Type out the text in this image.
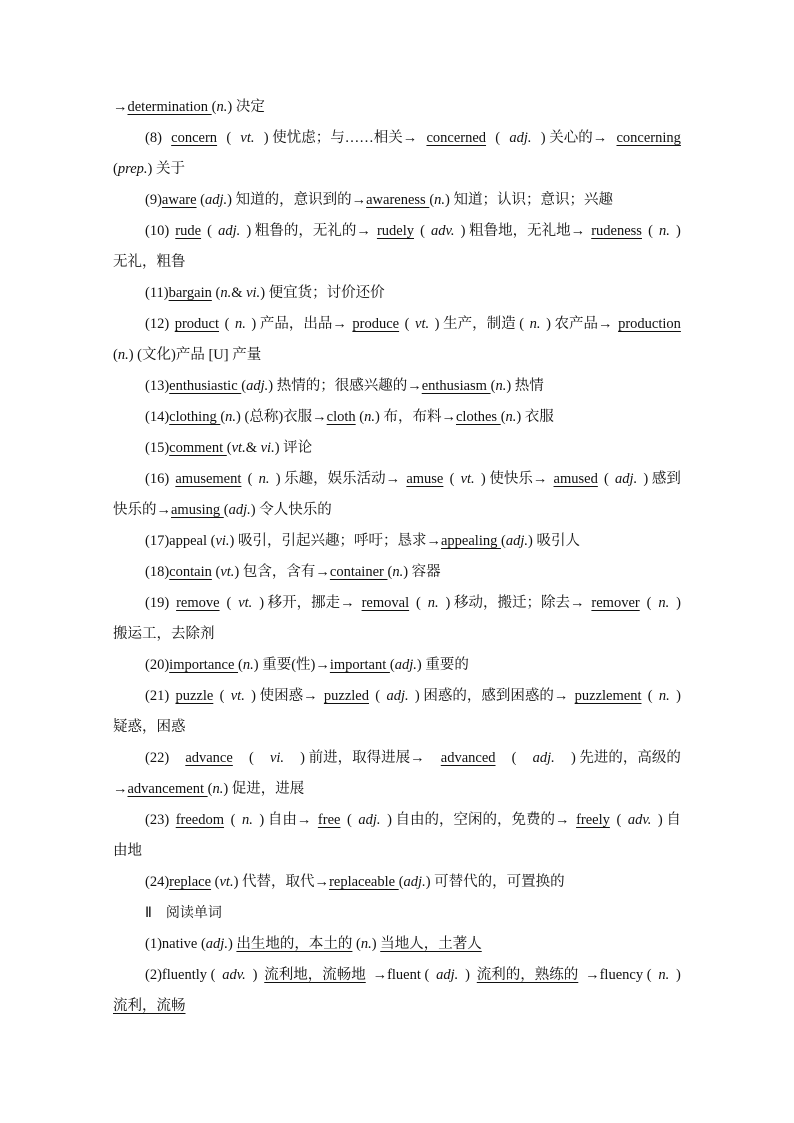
→determination (n.) 决定
(8) concern ( vt. ) 使忧虑；与……相关→ concerned ( adj. ) 关心的→ concerning
(prep.) 关于
(9)aware (adj.) 知道的，意识到的→awareness (n.) 知道；认识；意识；兴趣
(10) rude ( adj. ) 粗鲁的，无礼的→ rudely ( adv. ) 粗鲁地，无礼地→ rudeness ( n. )
无礼，粗鲁
(11)bargain (n.& vi.) 便宜货；讨价还价
(12) product ( n. ) 产品，出品→ produce ( vt. ) 生产，制造 ( n. ) 农产品→ production
(n.) (文化)产品 [U] 产量
(13)enthusiastic (adj.) 热情的；很感兴趣的→enthusiasm (n.) 热情
(14)clothing (n.) (总称)衣服→cloth (n.) 布，布料→clothes (n.) 衣服
(15)comment (vt.& vi.) 评论
(16) amusement ( n. ) 乐趣，娱乐活动→ amuse ( vt. ) 使快乐→ amused ( adj. ) 感到
快乐的→amusing (adj.) 令人快乐的
(17)appeal (vi.) 吸引，引起兴趣；呼吁；恳求→appealing (adj.) 吸引人
(18)contain (vt.) 包含，含有→container (n.) 容器
(19) remove ( vt. ) 移开，挪走→ removal ( n. ) 移动，搬迁；除去→ remover ( n. )
搬运工，去除剂
(20)importance (n.) 重要(性)→important (adj.) 重要的
(21) puzzle ( vt. ) 使困惑→ puzzled ( adj. ) 困惑的，感到困惑的→ puzzlement ( n. )
疑惑，困惑
(22) advance ( vi. ) 前进，取得进展→ advanced ( adj. ) 先进的，高级的
→advancement (n.) 促进，进展
(23) freedom ( n. ) 自由→ free ( adj. ) 自由的，空闲的，免费的→ freely ( adv. ) 自
由地
(24)replace (vt.) 代替，取代→replaceable (adj.) 可替代的，可置换的
Ⅱ　阅读单词
(1)native (adj.) 出生地的，本土的 (n.) 当地人，土著人
(2)fluently ( adv. ) 流利地，流畅地 →fluent ( adj. ) 流利的，熟练的 →fluency ( n. )
流利，流畅
